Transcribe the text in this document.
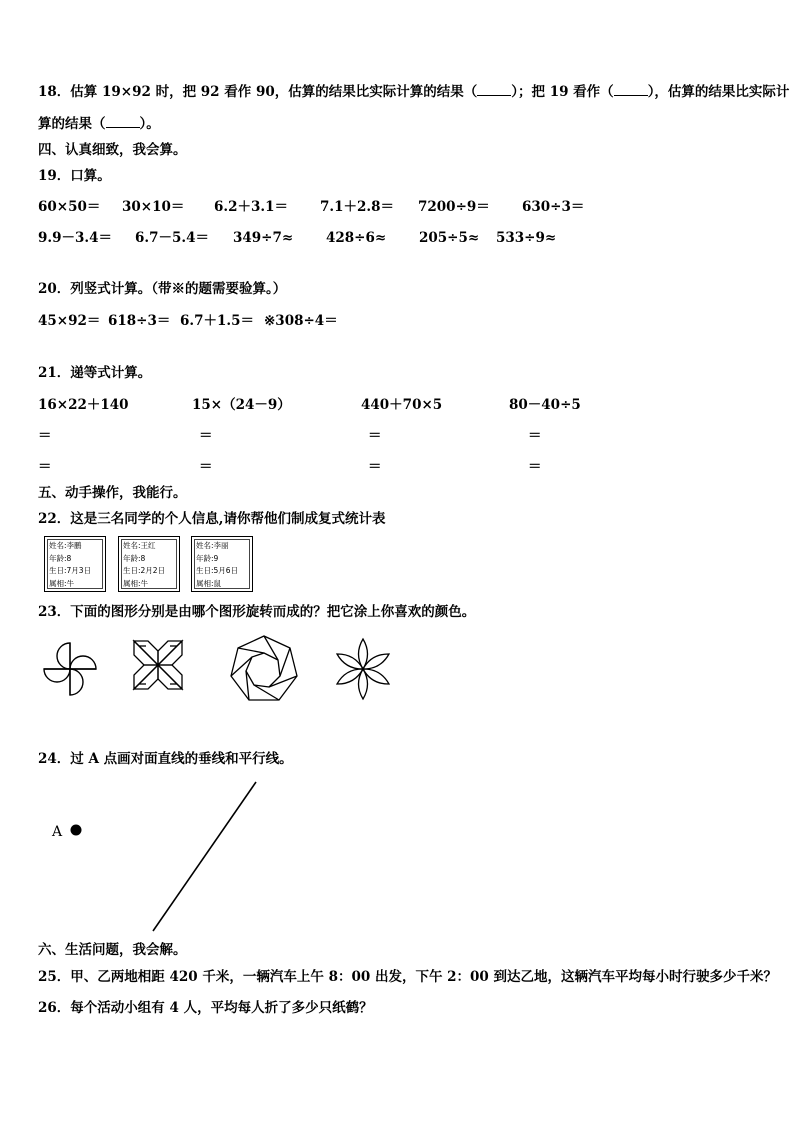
18．估算 19×92 时，把 92 看作 90，估算的结果比实际计算的结果（	）；把 19 看作（	），估算的结果比实际计
算的结果（	）。
四、认真细致，我会算。
19．口算。
60×50＝ 30×10＝ 6.2＋3.1＝ 7.1＋2.8＝ 7200÷9＝ 630÷3＝
9.9－3.4＝ 6.7－5.4＝ 349÷7≈ 428÷6≈ 205÷5≈ 533÷9≈
20．列竖式计算。（带※的题需要验算。）
45×92＝ 618÷3＝ 6.7＋1.5＝ ※308÷4＝
21．递等式计算。
16×22＋140	15×（24－9）	440＋70×5	80－40÷5
＝	＝	＝	＝
＝	＝	＝	＝
五、动手操作，我能行。
22．这是三名同学的个人信息,请你帮他们制成复式统计表
姓名:李鹏
年龄:8
生日:7月3日
属相:牛
姓名:王红
年龄:8
生日:2月2日
属相:牛
姓名:李丽
年龄:9
生日:5月6日
属相:鼠
23．下面的图形分别是由哪个图形旋转而成的？把它涂上你喜欢的颜色。
24．过 A 点画对面直线的垂线和平行线。
A
六、生活问题，我会解。
25．甲、乙两地相距 420 千米，一辆汽车上午 8：00 出发，下午 2：00 到达乙地，这辆汽车平均每小时行驶多少千米？
26．每个活动小组有 4 人，平均每人折了多少只纸鹤？
